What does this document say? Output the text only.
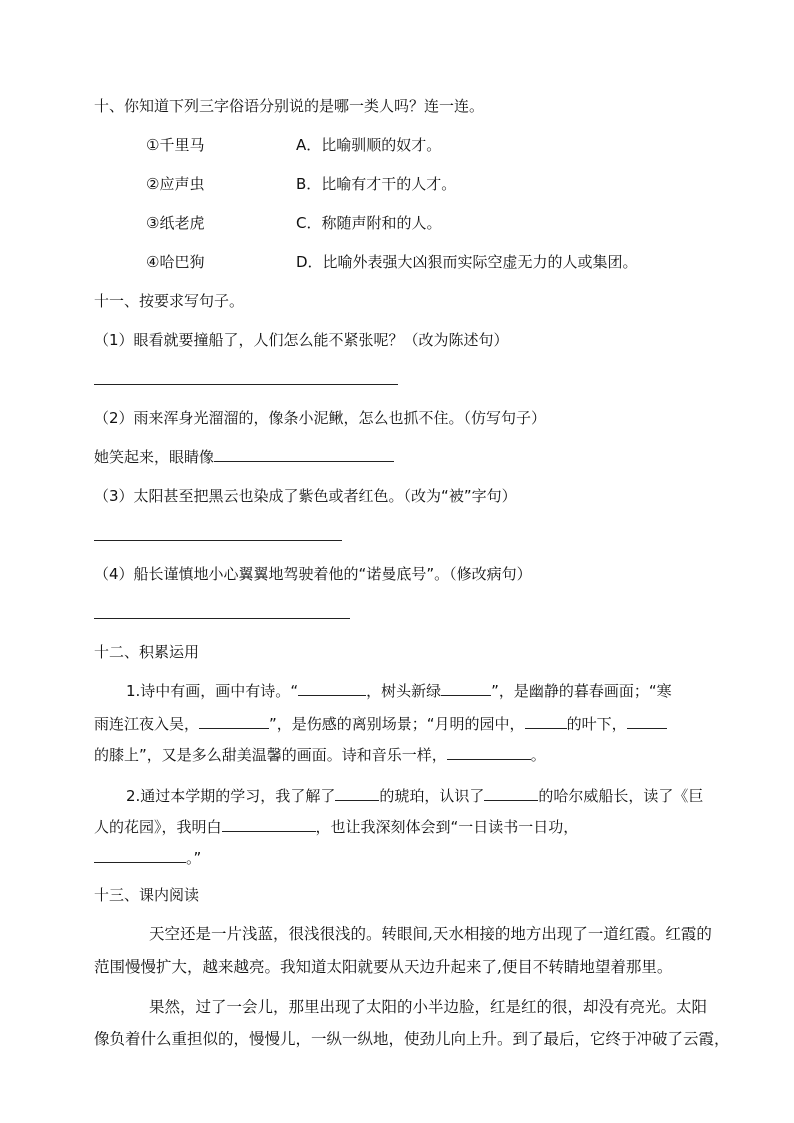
十、你知道下列三字俗语分别说的是哪一类人吗？连一连。
①千里马	A．比喻驯顺的奴才。
②应声虫	B．比喻有才干的人才。
③纸老虎	C．称随声附和的人。
④哈巴狗	D．比喻外表强大凶狠而实际空虚无力的人或集团。
十一、按要求写句子。
（1）眼看就要撞船了，人们怎么能不紧张呢？（改为陈述句）
（2）雨来浑身光溜溜的，像条小泥鳅，怎么也抓不住。（仿写句子）
她笑起来，眼睛像
（3）太阳甚至把黑云也染成了紫色或者红色。（改为“被”字句）
（4）船长谨慎地小心翼翼地驾驶着他的“诺曼底号”。（修改病句）
十二、积累运用
1.诗中有画，画中有诗。“	，树头新绿	”，是幽静的暮春画面；“寒
雨连江夜入吴，	”，是伤感的离别场景；“月明的园中，	的叶下，
的膝上”，又是多么甜美温馨的画面。诗和音乐一样，	。
2.通过本学期的学习，我了解了	的琥珀，认识了	的哈尔威船长，读了《巨
人的花园》，我明白	，也让我深刻体会到“一日读书一日功，
。”
十三、课内阅读
天空还是一片浅蓝，很浅很浅的。转眼间,天水相接的地方出现了一道红霞。红霞的
范围慢慢扩大，越来越亮。我知道太阳就要从天边升起来了,便目不转睛地望着那里。
果然，过了一会儿，那里出现了太阳的小半边脸，红是红的很，却没有亮光。太阳
像负着什么重担似的，慢慢儿，一纵一纵地，使劲儿向上升。到了最后，它终于冲破了云霞，
